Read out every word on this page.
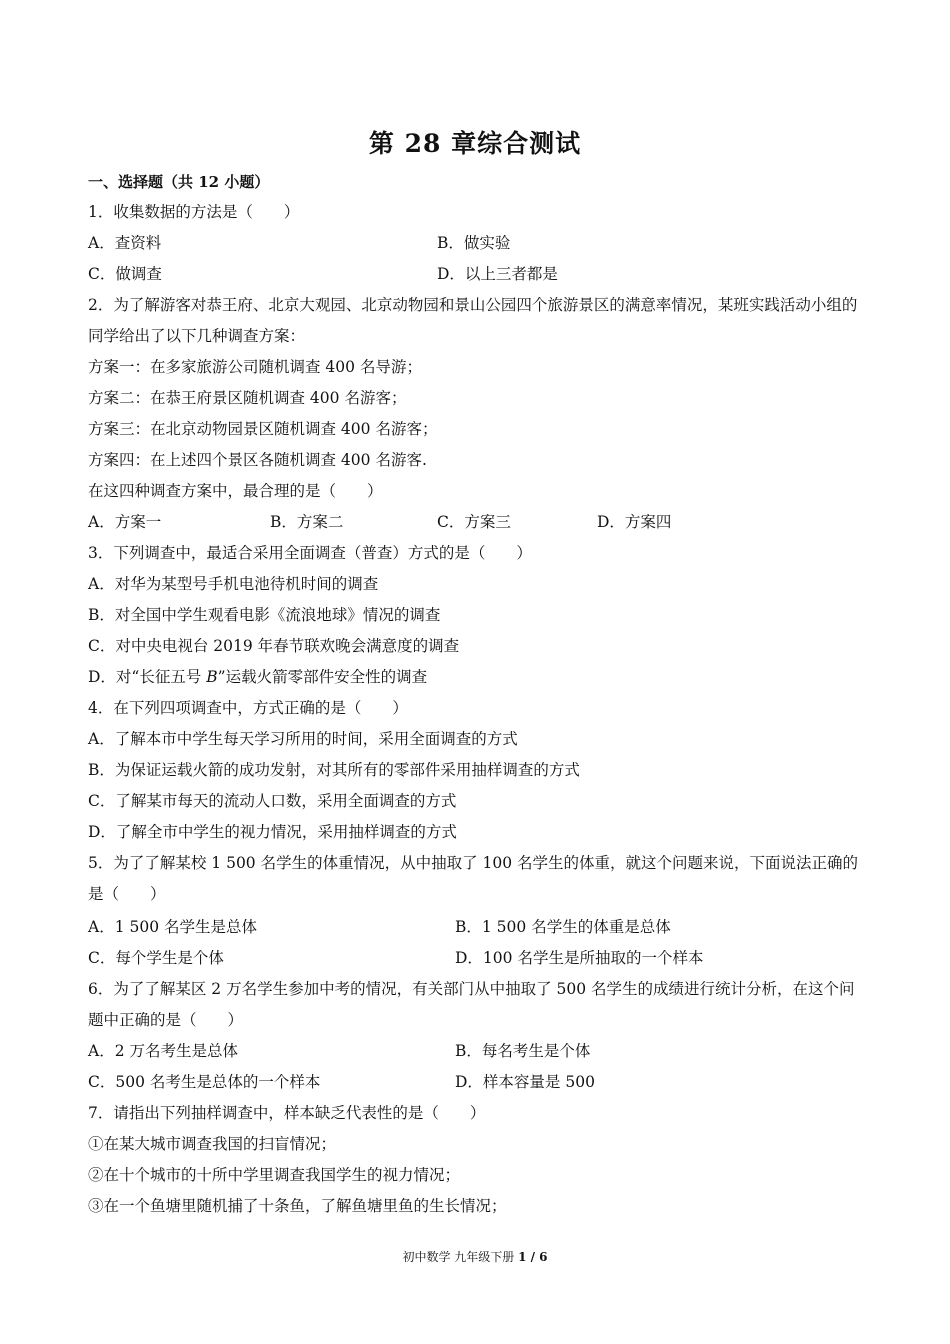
第 28 章综合测试
一、选择题（共 12 小题）
1．收集数据的方法是（　　）
A．查资料	B．做实验
C．做调查	D．以上三者都是
2．为了解游客对恭王府、北京大观园、北京动物园和景山公园四个旅游景区的满意率情况，某班实践活动小组的同学给出了以下几种调查方案：
方案一：在多家旅游公司随机调查 400 名导游；
方案二：在恭王府景区随机调查 400 名游客；
方案三：在北京动物园景区随机调查 400 名游客；
方案四：在上述四个景区各随机调查 400 名游客.
在这四种调查方案中，最合理的是（　　）
A．方案一	B．方案二	C．方案三	D．方案四
3．下列调查中，最适合采用全面调查（普查）方式的是（　　）
A．对华为某型号手机电池待机时间的调查
B．对全国中学生观看电影《流浪地球》情况的调查
C．对中央电视台 2019 年春节联欢晚会满意度的调查
D．对“长征五号 B”运载火箭零部件安全性的调查
4．在下列四项调查中，方式正确的是（　　）
A．了解本市中学生每天学习所用的时间，采用全面调查的方式
B．为保证运载火箭的成功发射，对其所有的零部件采用抽样调查的方式
C．了解某市每天的流动人口数，采用全面调查的方式
D．了解全市中学生的视力情况，采用抽样调查的方式
5．为了了解某校 1 500 名学生的体重情况，从中抽取了 100 名学生的体重，就这个问题来说，下面说法正确的是（　　）
A．1 500 名学生是总体	B．1 500 名学生的体重是总体
C．每个学生是个体	D．100 名学生是所抽取的一个样本
6．为了了解某区 2 万名学生参加中考的情况，有关部门从中抽取了 500 名学生的成绩进行统计分析，在这个问题中正确的是（　　）
A．2 万名考生是总体	B．每名考生是个体
C．500 名考生是总体的一个样本	D．样本容量是 500
7．请指出下列抽样调查中，样本缺乏代表性的是（　　）
①在某大城市调查我国的扫盲情况；
②在十个城市的十所中学里调查我国学生的视力情况；
③在一个鱼塘里随机捕了十条鱼，了解鱼塘里鱼的生长情况；
初中数学 九年级下册 1 / 6
